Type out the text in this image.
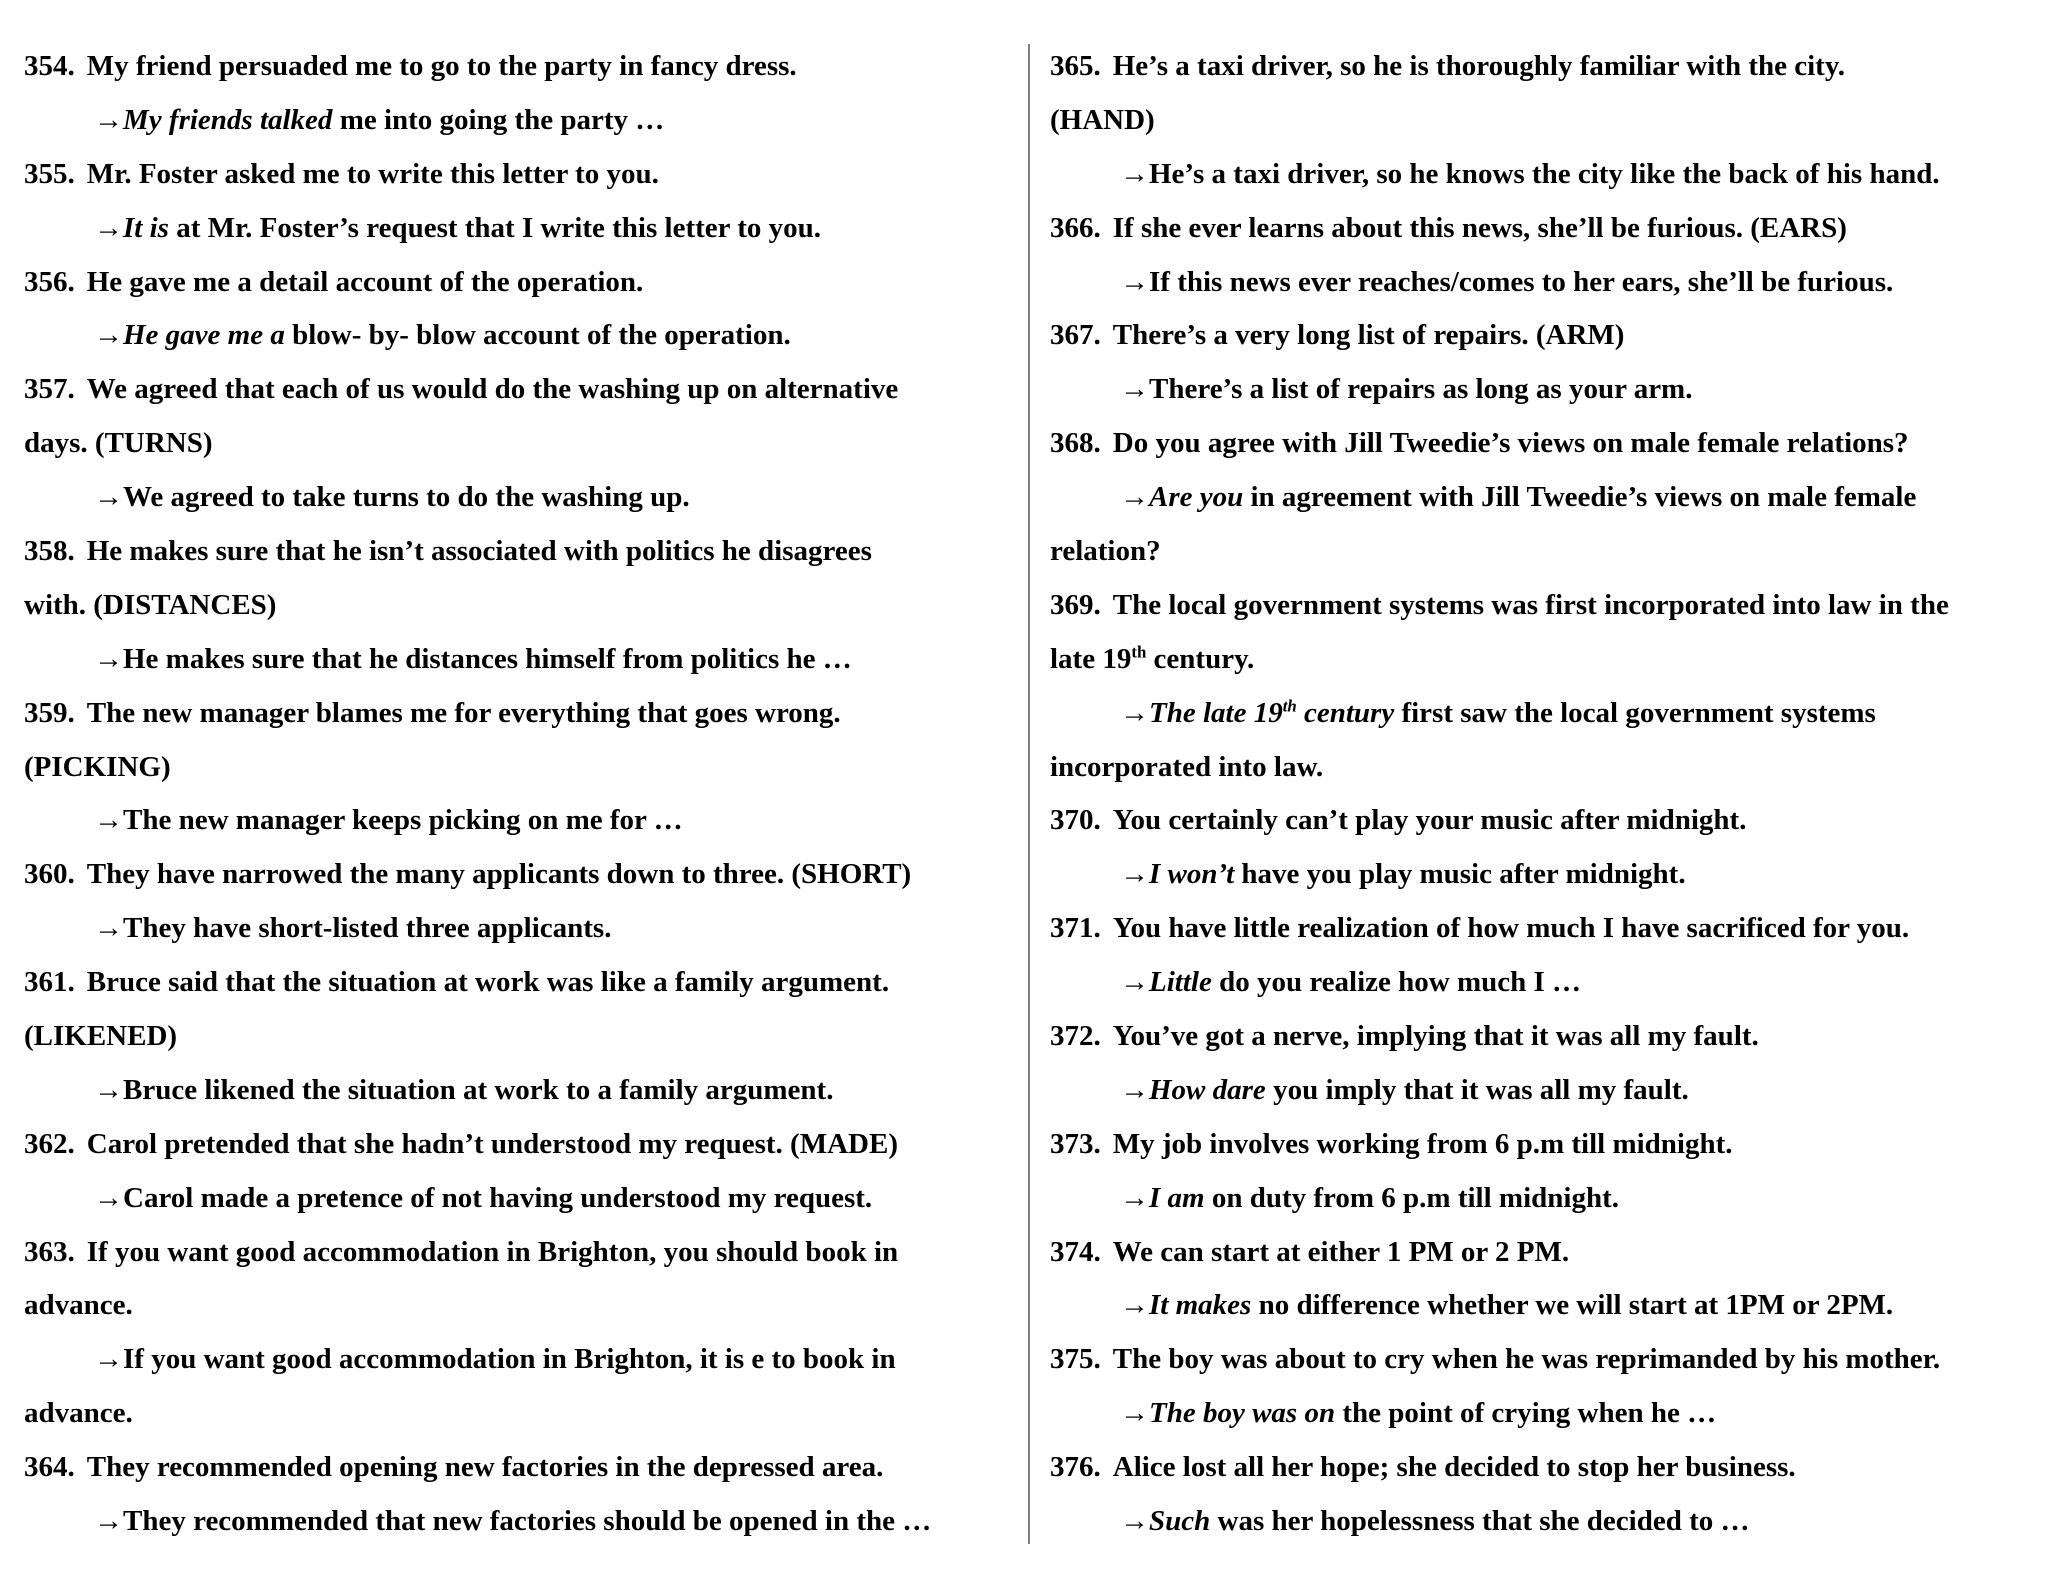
354. My friend persuaded me to go to the party in fancy dress.
→My friends talked me into going the party …
355. Mr. Foster asked me to write this letter to you.
→It is at Mr. Foster’s request that I write this letter to you.
356. He gave me a detail account of the operation.
→He gave me a blow- by- blow account of the operation.
357. We agreed that each of us would do the washing up on alternative
days. (TURNS)
→We agreed to take turns to do the washing up.
358. He makes sure that he isn’t associated with politics he disagrees
with. (DISTANCES)
→He makes sure that he distances himself from politics he …
359. The new manager blames me for everything that goes wrong.
(PICKING)
→The new manager keeps picking on me for …
360. They have narrowed the many applicants down to three. (SHORT)
→They have short-listed three applicants.
361. Bruce said that the situation at work was like a family argument.
(LIKENED)
→Bruce likened the situation at work to a family argument.
362. Carol pretended that she hadn’t understood my request. (MADE)
→Carol made a pretence of not having understood my request.
363. If you want good accommodation in Brighton, you should book in
advance.
→If you want good accommodation in Brighton, it is e to book in
advance.
364. They recommended opening new factories in the depressed area.
→They recommended that new factories should be opened in the …
365. He’s a taxi driver, so he is thoroughly familiar with the city.
(HAND)
→He’s a taxi driver, so he knows the city like the back of his hand.
366. If she ever learns about this news, she’ll be furious. (EARS)
→If this news ever reaches/comes to her ears, she’ll be furious.
367. There’s a very long list of repairs. (ARM)
→There’s a list of repairs as long as your arm.
368. Do you agree with Jill Tweedie’s views on male female relations?
→Are you in agreement with Jill Tweedie’s views on male female
relation?
369. The local government systems was first incorporated into law in the
late 19th century.
→The late 19th century first saw the local government systems
incorporated into law.
370. You certainly can’t play your music after midnight.
→I won’t have you play music after midnight.
371. You have little realization of how much I have sacrificed for you.
→Little do you realize how much I …
372. You’ve got a nerve, implying that it was all my fault.
→How dare you imply that it was all my fault.
373. My job involves working from 6 p.m till midnight.
→I am on duty from 6 p.m till midnight.
374. We can start at either 1 PM or 2 PM.
→It makes no difference whether we will start at 1PM or 2PM.
375. The boy was about to cry when he was reprimanded by his mother.
→The boy was on the point of crying when he …
376. Alice lost all her hope; she decided to stop her business.
→Such was her hopelessness that she decided to …
